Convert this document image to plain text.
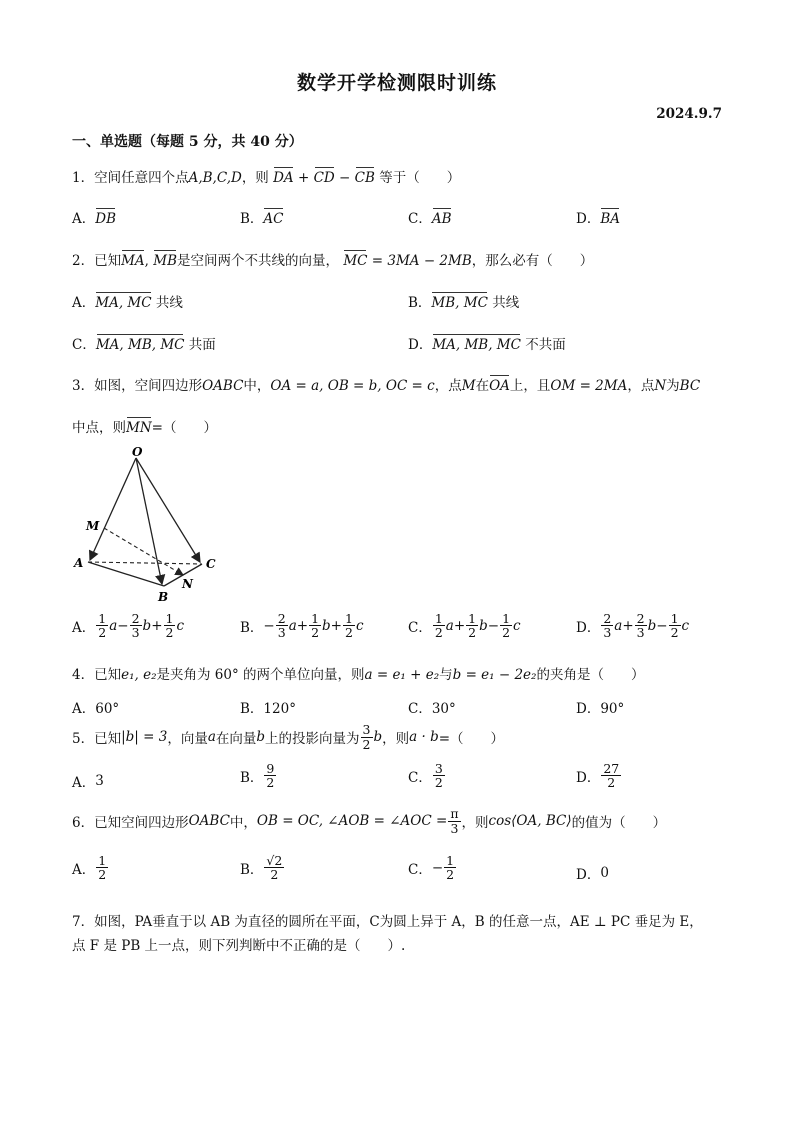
数学开学检测限时训练
2024.9.7
一、单选题（每题 5 分，共 40 分）
1．空间任意四个点A,B,C,D，则 DA + CD − CB 等于（　　）
A．DB	B．AC	C．AB	D．BA
2．已知MA, MB是空间两个不共线的向量， MC = 3MA − 2MB，那么必有（　　）
A．MA, MC 共线	B．MB, MC 共线
C．MA, MB, MC 共面	D．MA, MB, MC 不共面
3．如图，空间四边形OABC中，OA = a, OB = b, OC = c，点M在OA上，且OM = 2MA，点N为BC
中点，则MN=（　　）
O
M
A
B
C
N
A． $\frac{1}{2}$ $a - \frac{2}{3}$ $b + \frac{1}{2}$ c	B． − $\frac{2}{3}$ $a + \frac{1}{2}$ $b + \frac{1}{2}$ c	C． $\frac{1}{2}$ $a + \frac{1}{2}$ $b - \frac{1}{2}$ c	D． $\frac{2}{3}$ $a + \frac{2}{3}$ $b - \frac{1}{2}$ c
4．已知e₁, e₂是夹角为 60° 的两个单位向量，则a = e₁ + e₂与b = e₁ − 2e₂的夹角是（　　）
A．60°	B．120°	C．30°	D．90°
5．已知 |b| = 3 ，向量 a 在向量 b 上的投影向量为 $\frac{3}{2}$ b ，则 a · b =（　　）
A． 3	B． $\frac{9}{2}$	C． $\frac{3}{2}$	D． $\frac{27}{2}$
6．已知空间四边形 OABC 中， OB = OC, ∠AOB = ∠AOC = $\frac{\pi}{3}$ ，则 cos⟨OA, BC⟩ 的值为（　　）
A． $\frac{1}{2}$	B． $\frac{√2}{2}$	C． − $\frac{1}{2}$	D． 0
7．如图，PA垂直于以 AB 为直径的圆所在平面，C为圆上异于 A，B 的任意一点，AE ⊥ PC 垂足为 E，
点 F 是 PB 上一点，则下列判断中不正确的是（　　）.
